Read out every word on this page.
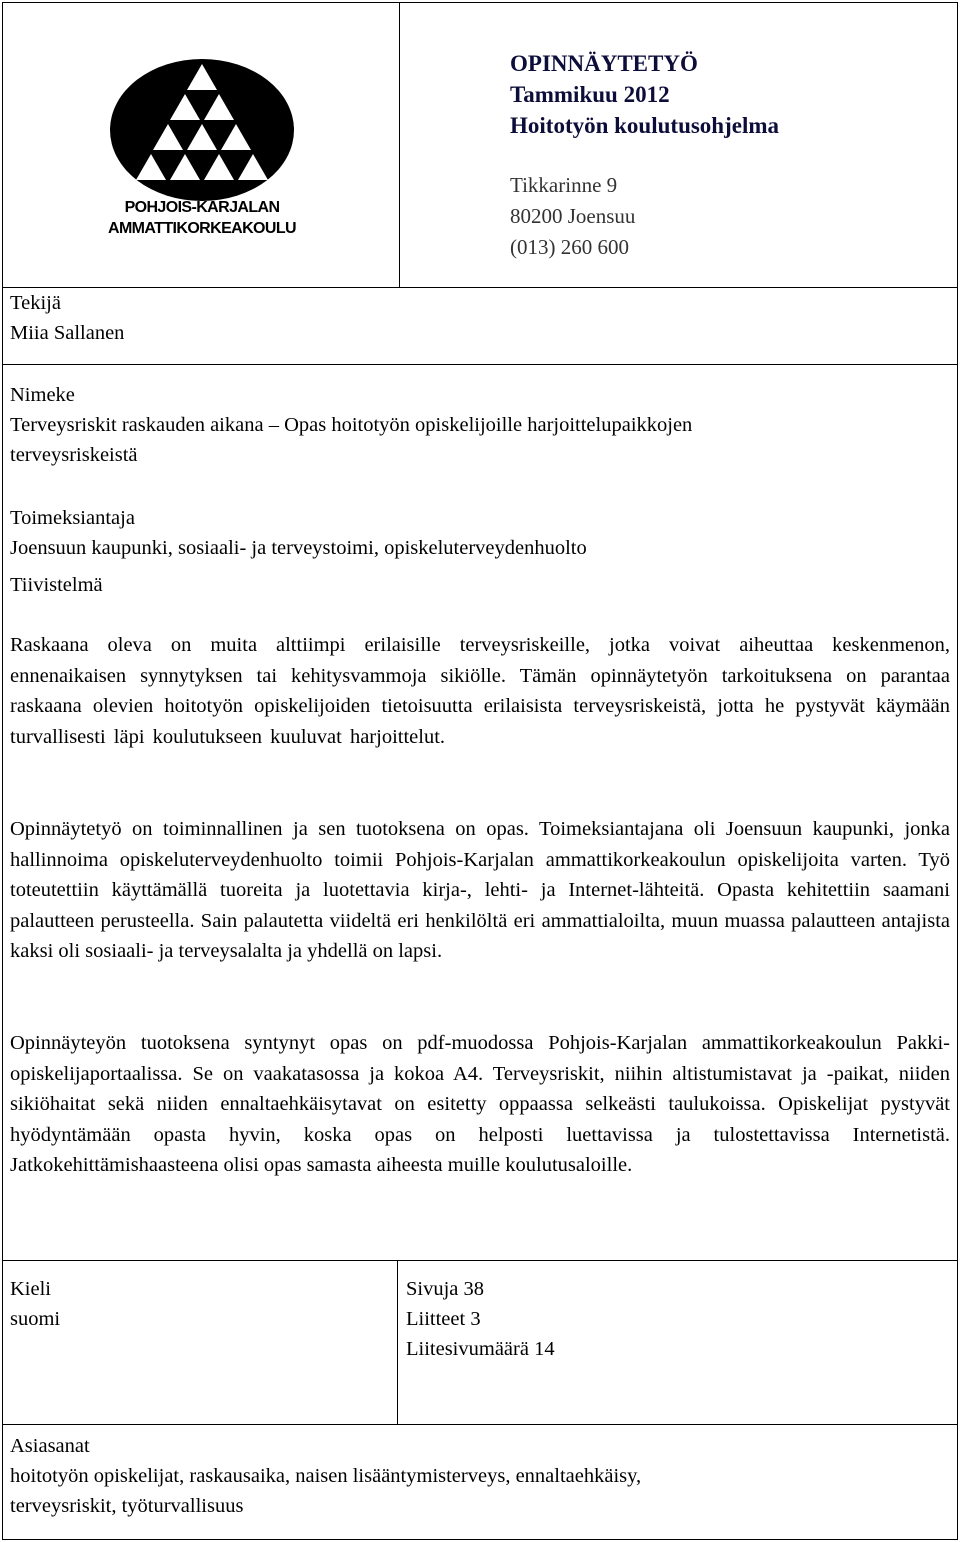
POHJOIS-KARJALAN
AMMATTIKORKEAKOULU
OPINNÄYTETYÖ
Tammikuu 2012
Hoitotyön koulutusohjelma
Tikkarinne 9
80200 Joensuu
(013) 260 600
Tekijä
Miia Sallanen
Nimeke
Terveysriskit raskauden aikana – Opas hoitotyön opiskelijoille harjoittelupaikkojen
terveysriskeistä
Toimeksiantaja
Joensuun kaupunki, sosiaali- ja terveystoimi, opiskeluterveydenhuolto
Tiivistelmä
Raskaana oleva on muita alttiimpi erilaisille terveysriskeille, jotka voivat aiheuttaa keskenmenon, ennenaikaisen synnytyksen tai kehitysvammoja sikiölle. Tämän opinnäytetyön tarkoituksena on parantaa raskaana olevien hoitotyön opiskelijoiden tietoisuutta erilaisista terveysriskeistä, jotta he pystyvät käymään turvallisesti läpi koulutukseen kuuluvat harjoittelut.
Opinnäytetyö on toiminnallinen ja sen tuotoksena on opas. Toimeksiantajana oli Joensuun kaupunki, jonka hallinnoima opiskeluterveydenhuolto toimii Pohjois-Karjalan ammattikorkeakoulun opiskelijoita varten. Työ toteutettiin käyttämällä tuoreita ja luotettavia kirja-, lehti- ja Internet-lähteitä. Opasta kehitettiin saamani palautteen perusteella. Sain palautetta viideltä eri henkilöltä eri ammattialoilta, muun muassa palautteen antajista kaksi oli sosiaali- ja terveysalalta ja yhdellä on lapsi.
Opinnäyteyön tuotoksena syntynyt opas on pdf-muodossa Pohjois-Karjalan ammattikorkeakoulun Pakki-opiskelijaportaalissa. Se on vaakatasossa ja kokoa A4. Terveysriskit, niihin altistumistavat ja -paikat, niiden sikiöhaitat sekä niiden ennaltaehkäisytavat on esitetty oppaassa selkeästi taulukoissa. Opiskelijat pystyvät hyödyntämään opasta hyvin, koska opas on helposti luettavissa ja tulostettavissa Internetistä. Jatkokehittämishaasteena olisi opas samasta aiheesta muille koulutusaloille.
Kieli
suomi
Sivuja 38
Liitteet 3
Liitesivumäärä 14
Asiasanat
hoitotyön opiskelijat, raskausaika, naisen lisääntymisterveys, ennaltaehkäisy,
terveysriskit, työturvallisuus
